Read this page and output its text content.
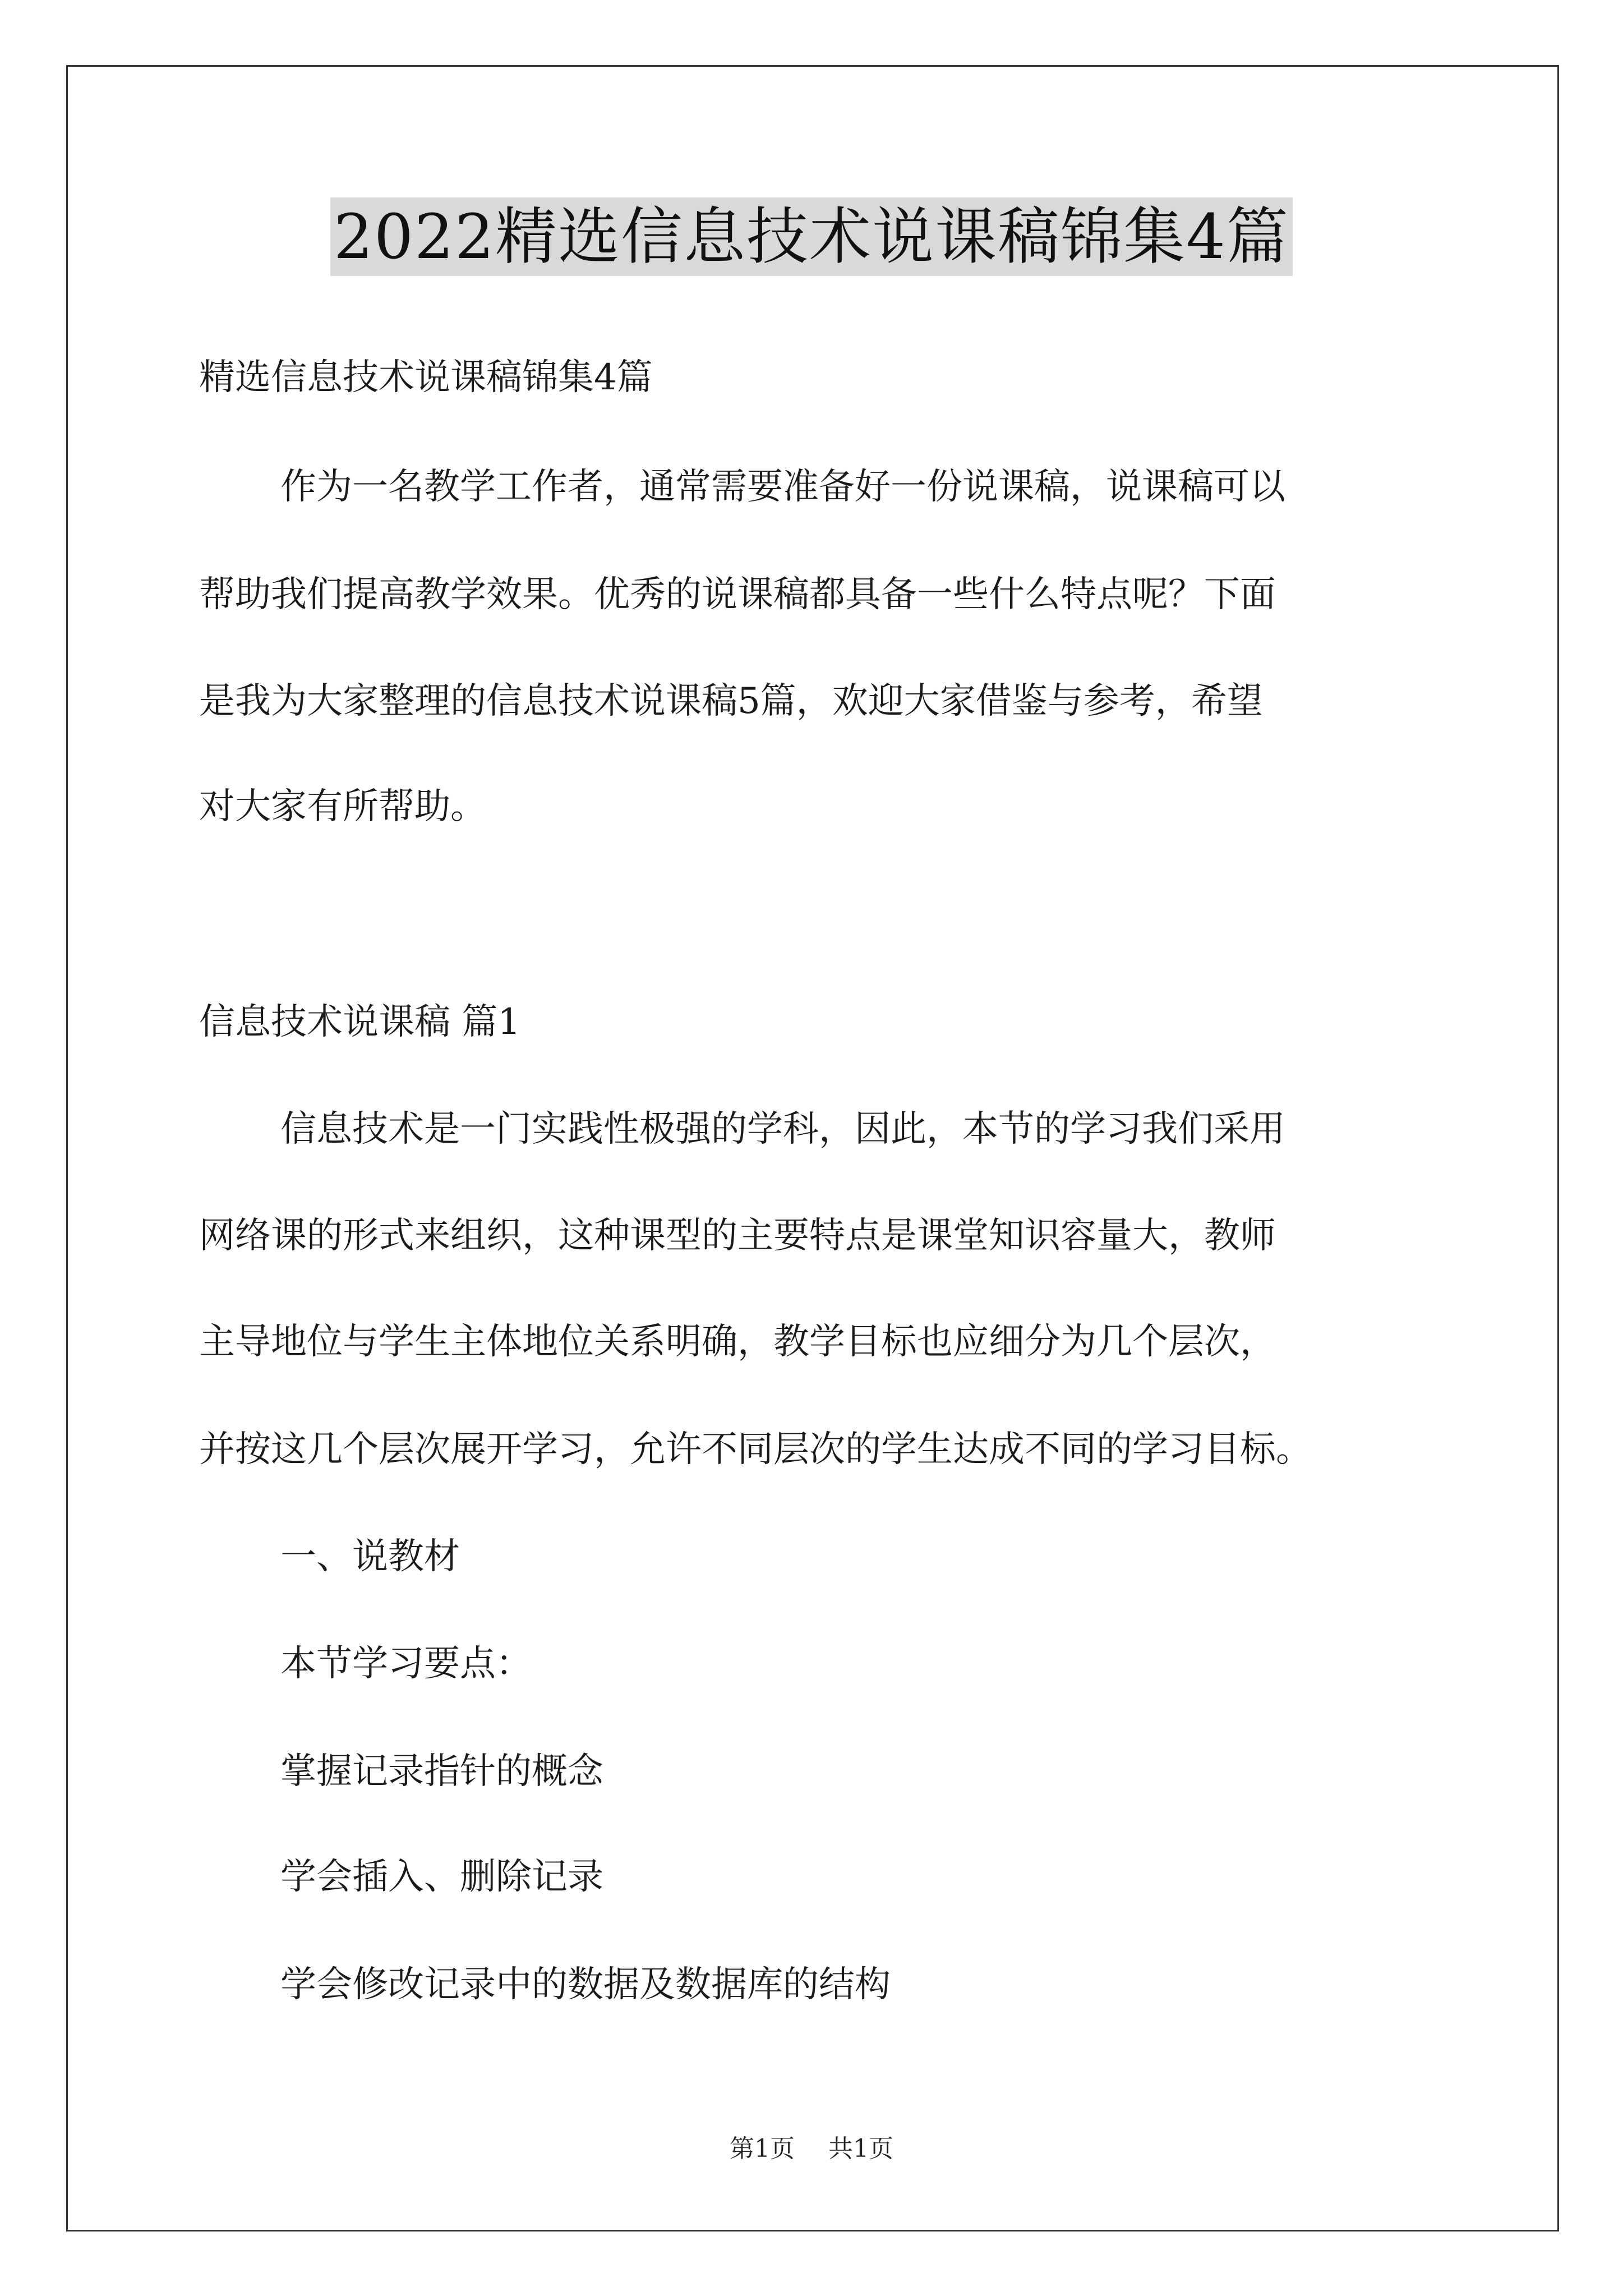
2022精选信息技术说课稿锦集4篇
精选信息技术说课稿锦集4篇
作为一名教学工作者，通常需要准备好一份说课稿，说课稿可以
帮助我们提高教学效果。优秀的说课稿都具备一些什么特点呢？下面
是我为大家整理的信息技术说课稿5篇，欢迎大家借鉴与参考，希望
对大家有所帮助。
信息技术说课稿 篇1
信息技术是一门实践性极强的学科，因此，本节的学习我们采用
网络课的形式来组织，这种课型的主要特点是课堂知识容量大，教师
主导地位与学生主体地位关系明确，教学目标也应细分为几个层次，
并按这几个层次展开学习，允许不同层次的学生达成不同的学习目标。
一、说教材
本节学习要点：
掌握记录指针的概念
学会插入、删除记录
学会修改记录中的数据及数据库的结构
第1页 共1页
